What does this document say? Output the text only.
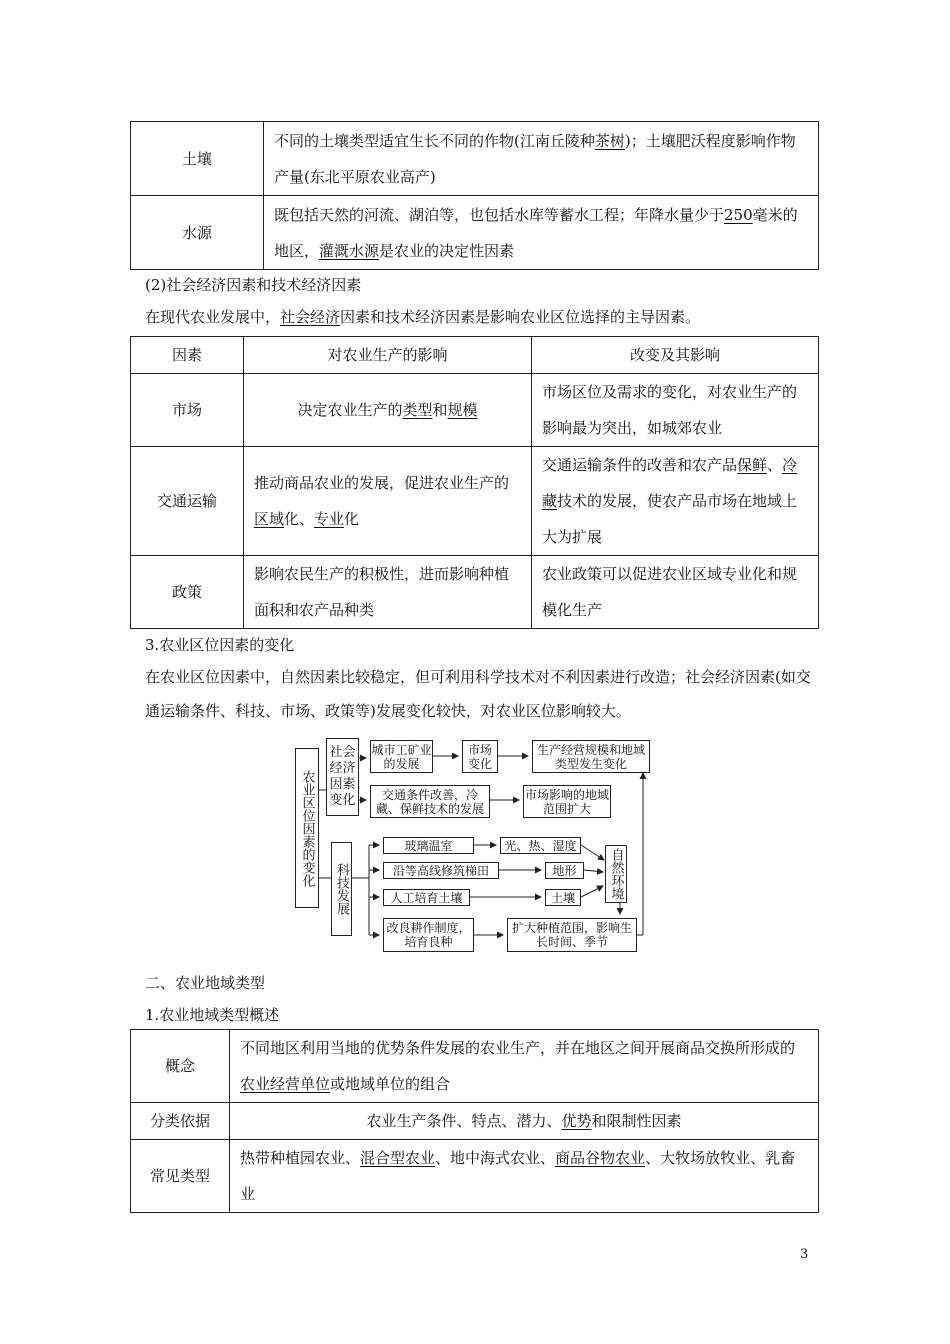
土壤	不同的土壤类型适宜生长不同的作物(江南丘陵种茶树)；土壤肥沃程度影响作物产量(东北平原农业高产)
水源	既包括天然的河流、湖泊等，也包括水库等蓄水工程；年降水量少于250毫米的地区，灌溉水源是农业的决定性因素

(2)社会经济因素和技术经济因素

在现代农业发展中，社会经济因素和技术经济因素是影响农业区位选择的主导因素。

因素	对农业生产的影响	改变及其影响
市场	决定农业生产的类型和规模	市场区位及需求的变化，对农业生产的影响最为突出，如城郊农业
交通运输	推动商品农业的发展，促进农业生产的区域化、专业化	交通运输条件的改善和农产品保鲜、冷藏技术的发展，使农产品市场在地域上大为扩展
政策	影响农民生产的积极性，进而影响种植面积和农产品种类	农业政策可以促进农业区域专业化和规模化生产

3.农业区位因素的变化

在农业区位因素中，自然因素比较稳定，但可利用科学技术对不利因素进行改造；社会经济因素(如交通运输条件、科技、市场、政策等)发展变化较快，对农业区位影响较大。

农业区位因素的变化
社会经济因素变化
科技发展
城市工矿业的发展
市场变化
生产经营规模和地域类型发生变化
交通条件改善，冷藏、保鲜技术的发展
市场影响的地域范围扩大
玻璃温室	光、热、湿度
沿等高线修筑梯田	地形
人工培育土壤	土壤	自然环境
改良耕作制度，培育良种
扩大种植范围，影响生长时间、季节

二、农业地域类型

1.农业地域类型概述

概念	不同地区利用当地的优势条件发展的农业生产，并在地区之间开展商品交换所形成的农业经营单位或地域单位的组合
分类依据	农业生产条件、特点、潜力、优势和限制性因素
常见类型	热带种植园农业、混合型农业、地中海式农业、商品谷物农业、大牧场放牧业、乳畜业
3
